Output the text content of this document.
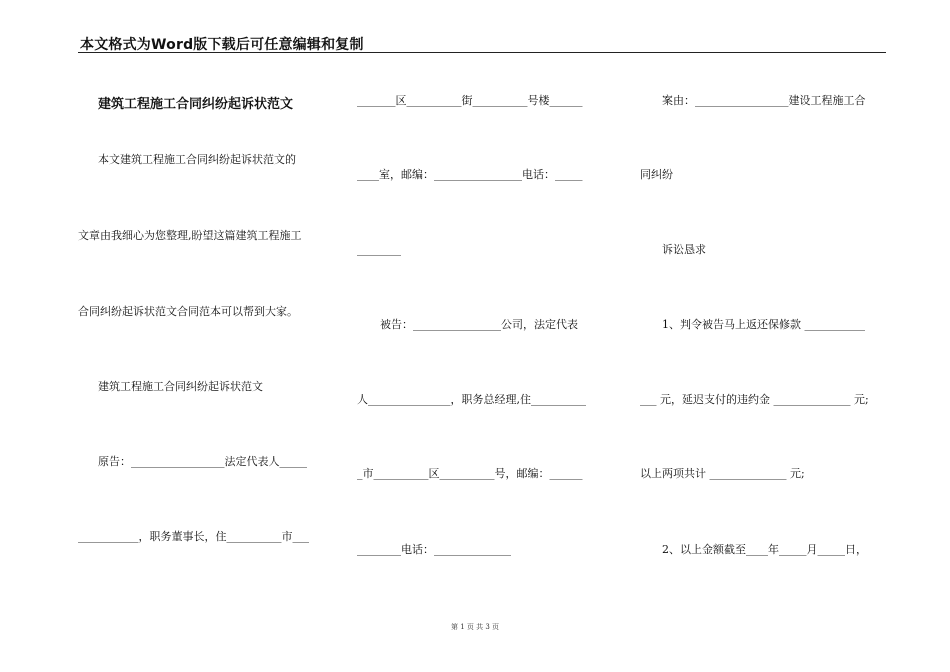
本文格式为Word版下载后可任意编辑和复制
建筑工程施工合同纠纷起诉状范文
本文建筑工程施工合同纠纷起诉状范文的
文章由我细心为您整理,盼望这篇建筑工程施工
合同纠纷起诉状范文合同范本可以帮到大家。
建筑工程施工合同纠纷起诉状范文
原告：_________________法定代表人_____
___________，职务董事长，住__________市___
_______区__________街__________号楼______
____室，邮编：________________电话：_____
________
被告：________________公司，法定代表
人_______________，职务总经理,住__________
_市__________区__________号，邮编：______
________电话：______________
案由：_________________建设工程施工合
同纠纷
诉讼恳求
1、判令被告马上返还保修款 ___________
___ 元，延迟支付的违约金 ______________ 元;
以上两项共计 ______________ 元;
2、以上金额截至____年_____月_____日，
第 1 页 共 3 页
